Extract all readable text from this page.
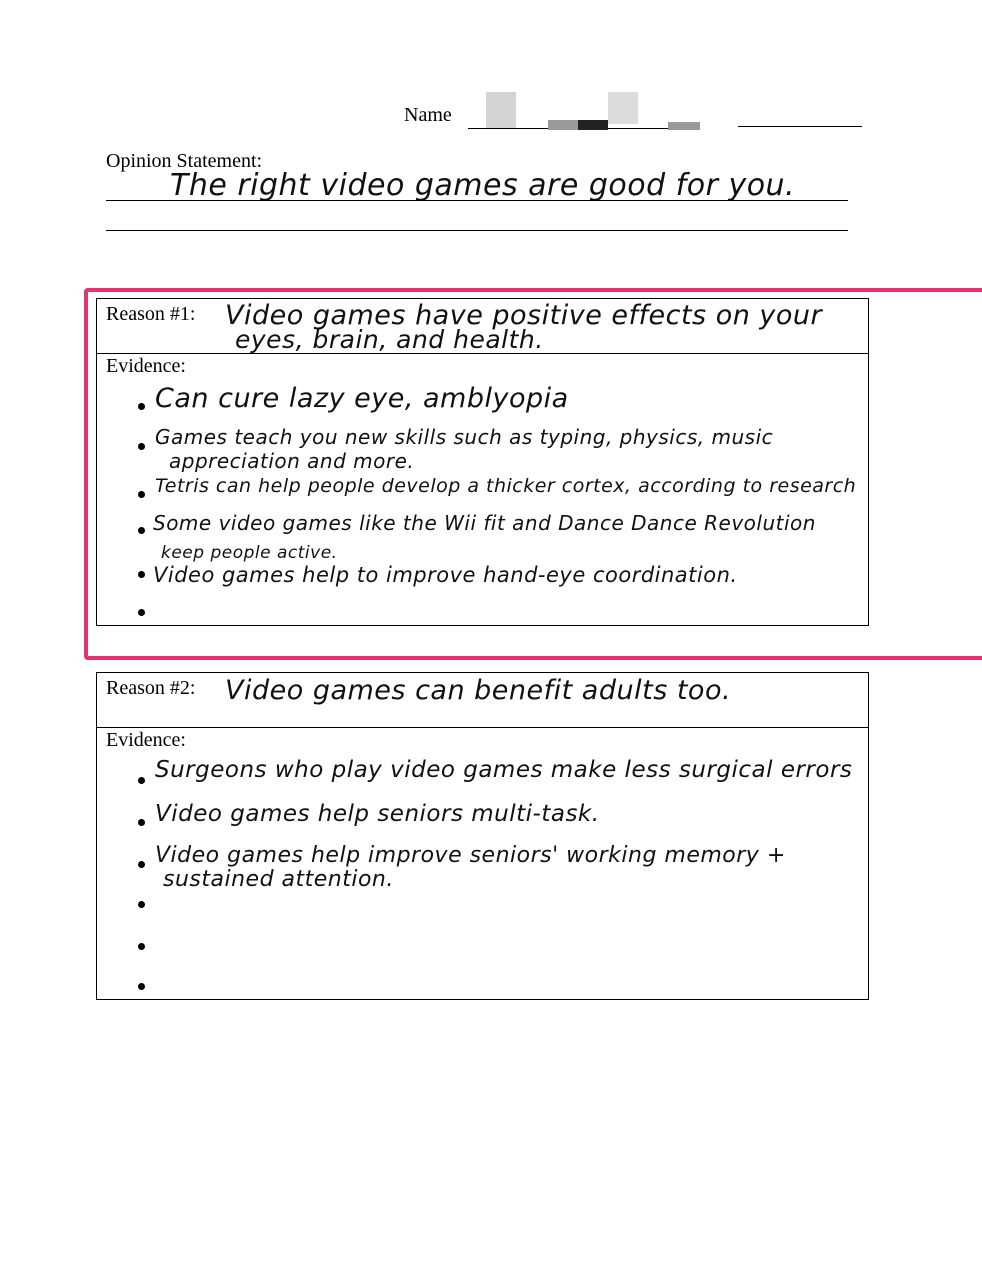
Name
Opinion Statement:
The right video games are good for you.
Reason #1: Video games have positive effects on your
eyes, brain, and health.
Evidence:
Can cure lazy eye, amblyopia
Games teach you new skills such as typing, physics, music
appreciation and more.
Tetris can help people develop a thicker cortex, according to research
Some video games like the Wii fit and Dance Dance Revolution
keep people active.
Video games help to improve hand-eye coordination.
Reason #2: Video games can benefit adults too.
Evidence:
Surgeons who play video games make less surgical errors
Video games help seniors multi-task.
Video games help improve seniors' working memory +
sustained attention.
